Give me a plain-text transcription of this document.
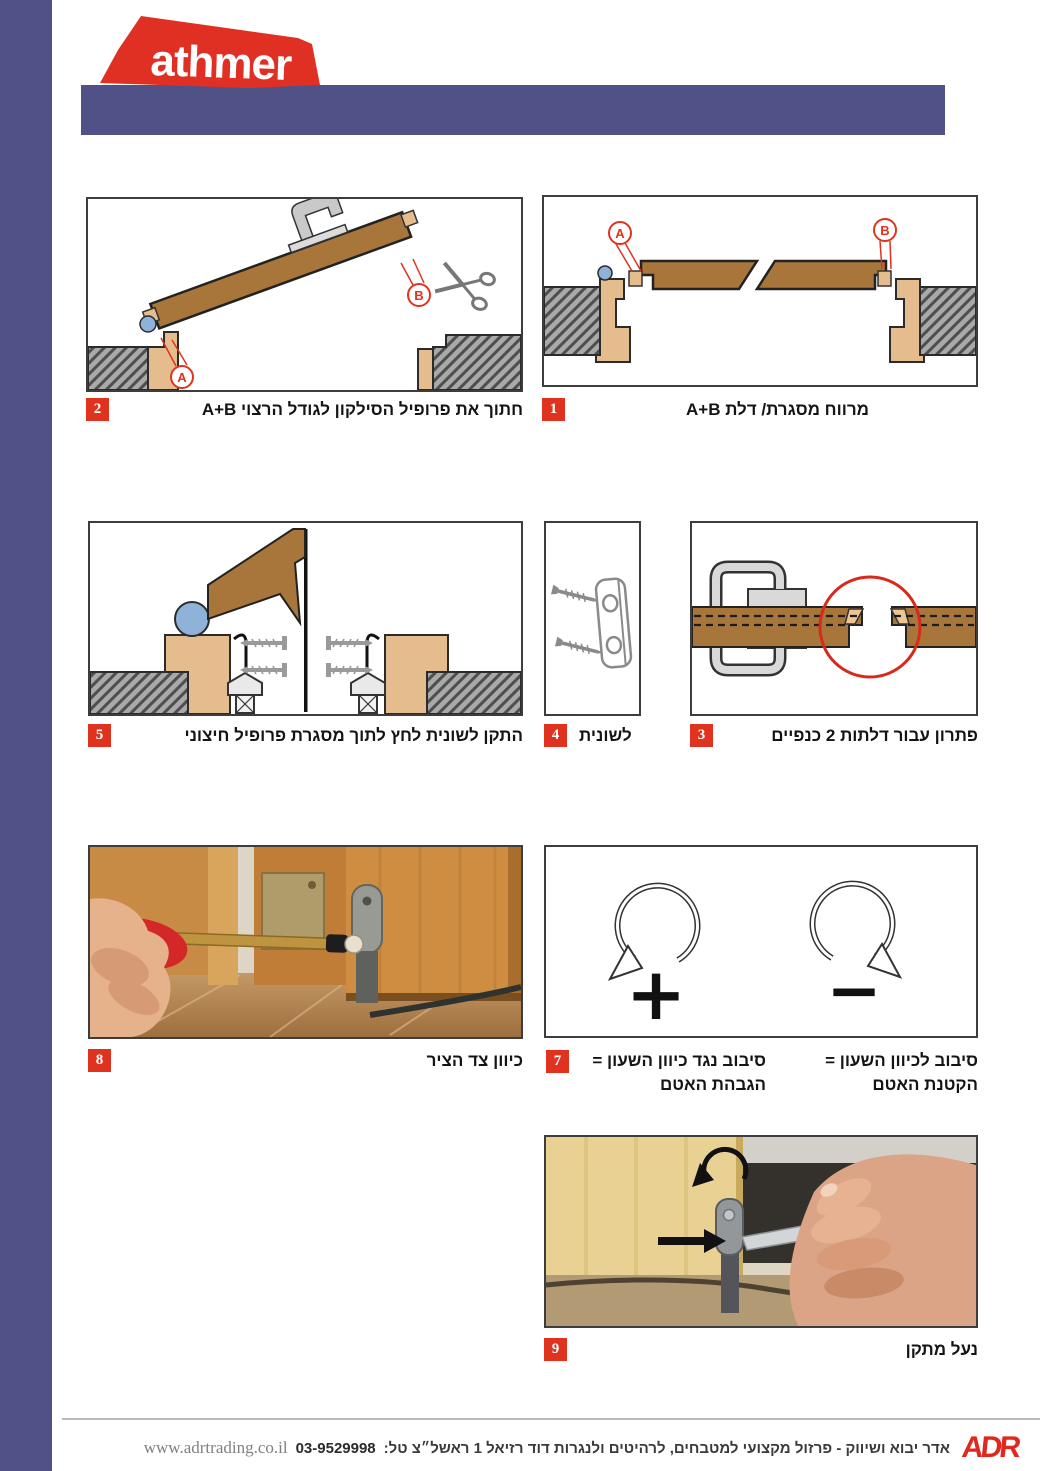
athmer
A
B
A	B
2	חתוך את פרופיל הסילקון לגודל הרצוי A+B	1	מרווח מסגרת/ דלת A+B
5	התקן לשונית לחץ לתוך מסגרת פרופיל חיצוני	4	לשונית	3	פתרון עבור דלתות 2 כנפיים
+ −
8	כיוון צד הציר	7	סיבוב לכיוון השעון =
הקטנת האטם
סיבוב נגד כיוון השעון =
הגבהת האטם
9	נעל מתקן
ADR
אדר יבוא ושיווק - פרזול מקצועי למטבחים, לרהיטים ולנגרות דוד רזיאל 1 ראשל״צ טל:
03-9529998
www.adrtrading.co.il
